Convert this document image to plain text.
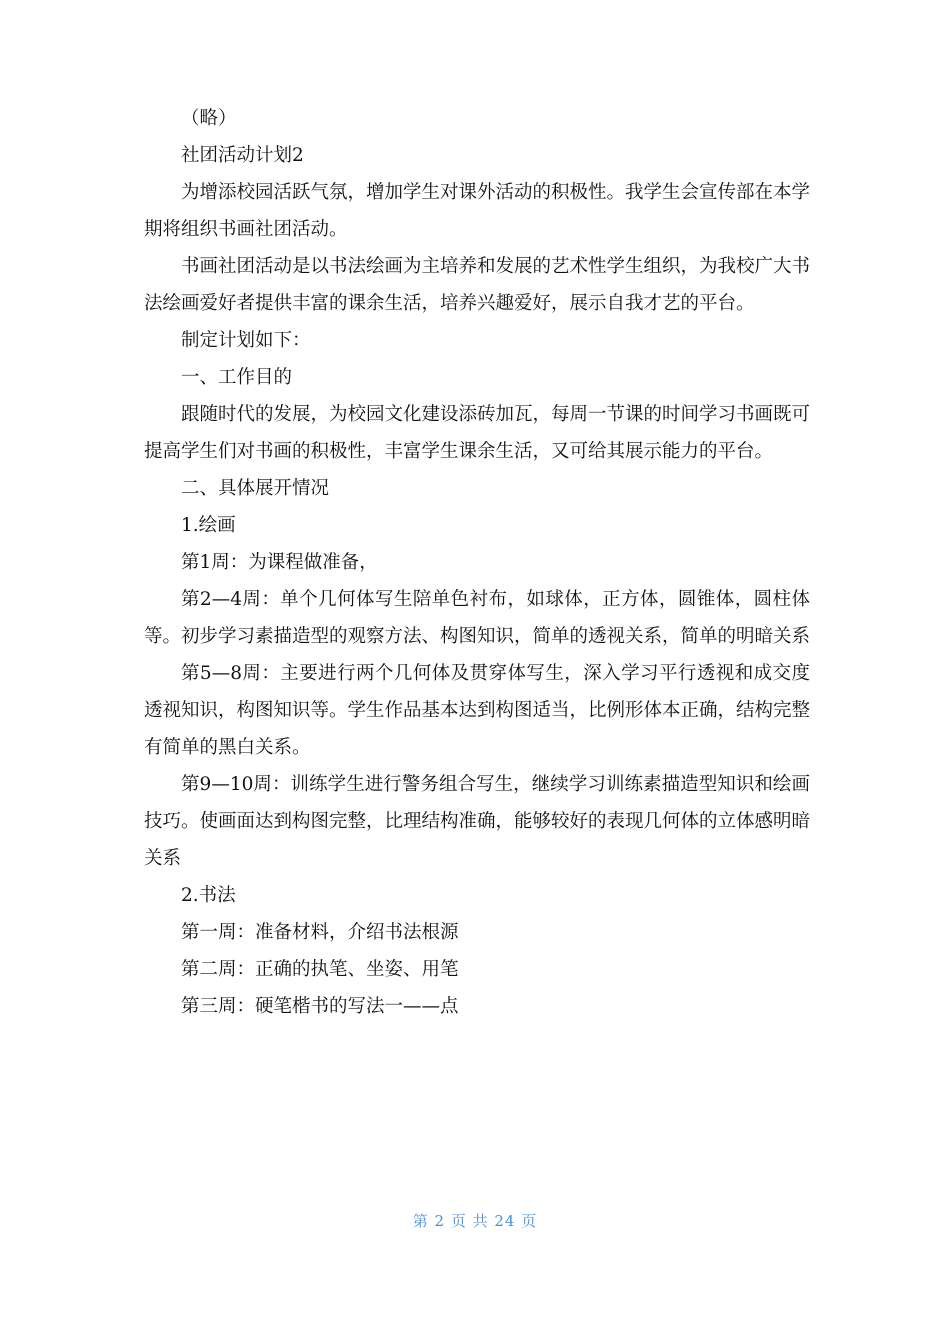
（略）

社团活动计划2

为增添校园活跃气氛，增加学生对课外活动的积极性。我学生会宣传部在本学期将组织书画社团活动。

书画社团活动是以书法绘画为主培养和发展的艺术性学生组织，为我校广大书法绘画爱好者提供丰富的课余生活，培养兴趣爱好，展示自我才艺的平台。

制定计划如下：

一、工作目的

跟随时代的发展，为校园文化建设添砖加瓦，每周一节课的时间学习书画既可提高学生们对书画的积极性，丰富学生课余生活，又可给其展示能力的平台。

二、具体展开情况

1.绘画

第1周：为课程做准备，

第2—4周：单个几何体写生陪单色衬布，如球体，正方体，圆锥体，圆柱体等。初步学习素描造型的观察方法、构图知识，简单的透视关系，简单的明暗关系

第5—8周：主要进行两个几何体及贯穿体写生，深入学习平行透视和成交度透视知识，构图知识等。学生作品基本达到构图适当，比例形体本正确，结构完整有简单的黑白关系。

第9—10周：训练学生进行警务组合写生，继续学习训练素描造型知识和绘画技巧。使画面达到构图完整，比理结构准确，能够较好的表现几何体的立体感明暗关系

2.书法

第一周：准备材料，介绍书法根源

第二周：正确的执笔、坐姿、用笔

第三周：硬笔楷书的写法一——点

第 2 页 共 24 页
